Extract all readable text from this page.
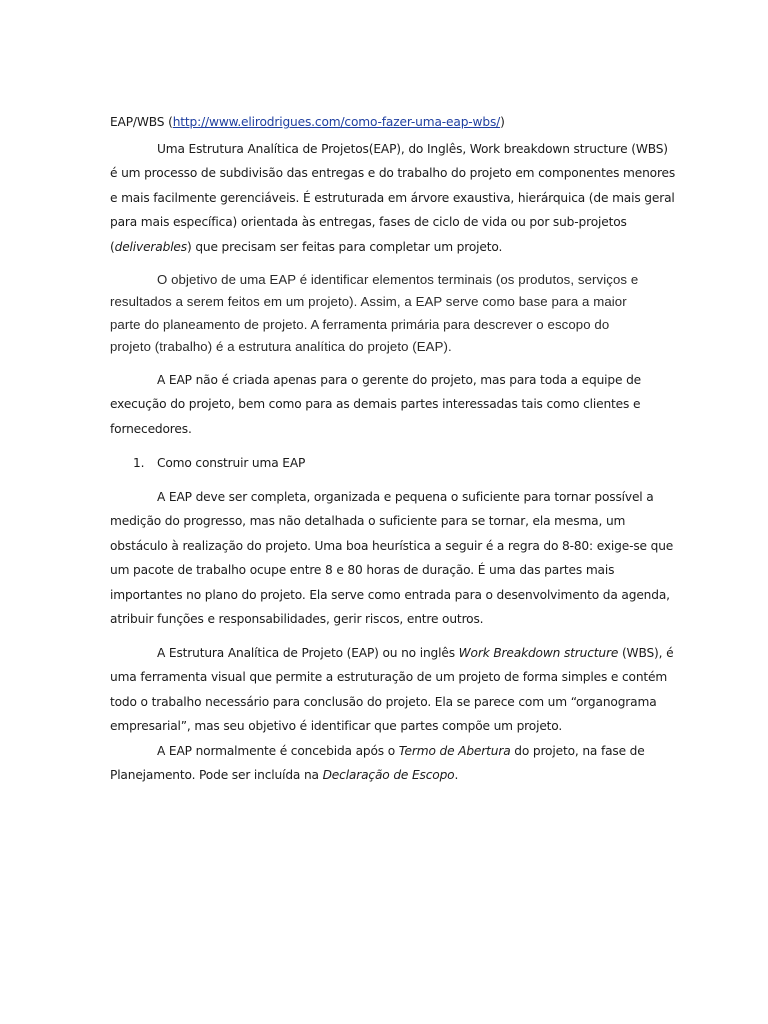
EAP/WBS (http://www.elirodrigues.com/como-fazer-uma-eap-wbs/)
Uma Estrutura Analítica de Projetos(EAP), do Inglês, Work breakdown structure (WBS)
é um processo de subdivisão das entregas e do trabalho do projeto em componentes menores
e mais facilmente gerenciáveis. É estruturada em árvore exaustiva, hierárquica (de mais geral
para mais específica) orientada às entregas, fases de ciclo de vida ou por sub-projetos
(deliverables) que precisam ser feitas para completar um projeto.
O objetivo de uma EAP é identificar elementos terminais (os produtos, serviços e
resultados a serem feitos em um projeto). Assim, a EAP serve como base para a maior
parte do planeamento de projeto. A ferramenta primária para descrever o escopo do
projeto (trabalho) é a estrutura analítica do projeto (EAP).
A EAP não é criada apenas para o gerente do projeto, mas para toda a equipe de
execução do projeto, bem como para as demais partes interessadas tais como clientes e
fornecedores.
1. Como construir uma EAP
A EAP deve ser completa, organizada e pequena o suficiente para tornar possível a
medição do progresso, mas não detalhada o suficiente para se tornar, ela mesma, um
obstáculo à realização do projeto. Uma boa heurística a seguir é a regra do 8-80: exige-se que
um pacote de trabalho ocupe entre 8 e 80 horas de duração. É uma das partes mais
importantes no plano do projeto. Ela serve como entrada para o desenvolvimento da agenda,
atribuir funções e responsabilidades, gerir riscos, entre outros.
A Estrutura Analítica de Projeto (EAP) ou no inglês Work Breakdown structure (WBS), é
uma ferramenta visual que permite a estruturação de um projeto de forma simples e contém
todo o trabalho necessário para conclusão do projeto. Ela se parece com um “organograma
empresarial”, mas seu objetivo é identificar que partes compõe um projeto.
A EAP normalmente é concebida após o Termo de Abertura do projeto, na fase de
Planejamento. Pode ser incluída na Declaração de Escopo.
